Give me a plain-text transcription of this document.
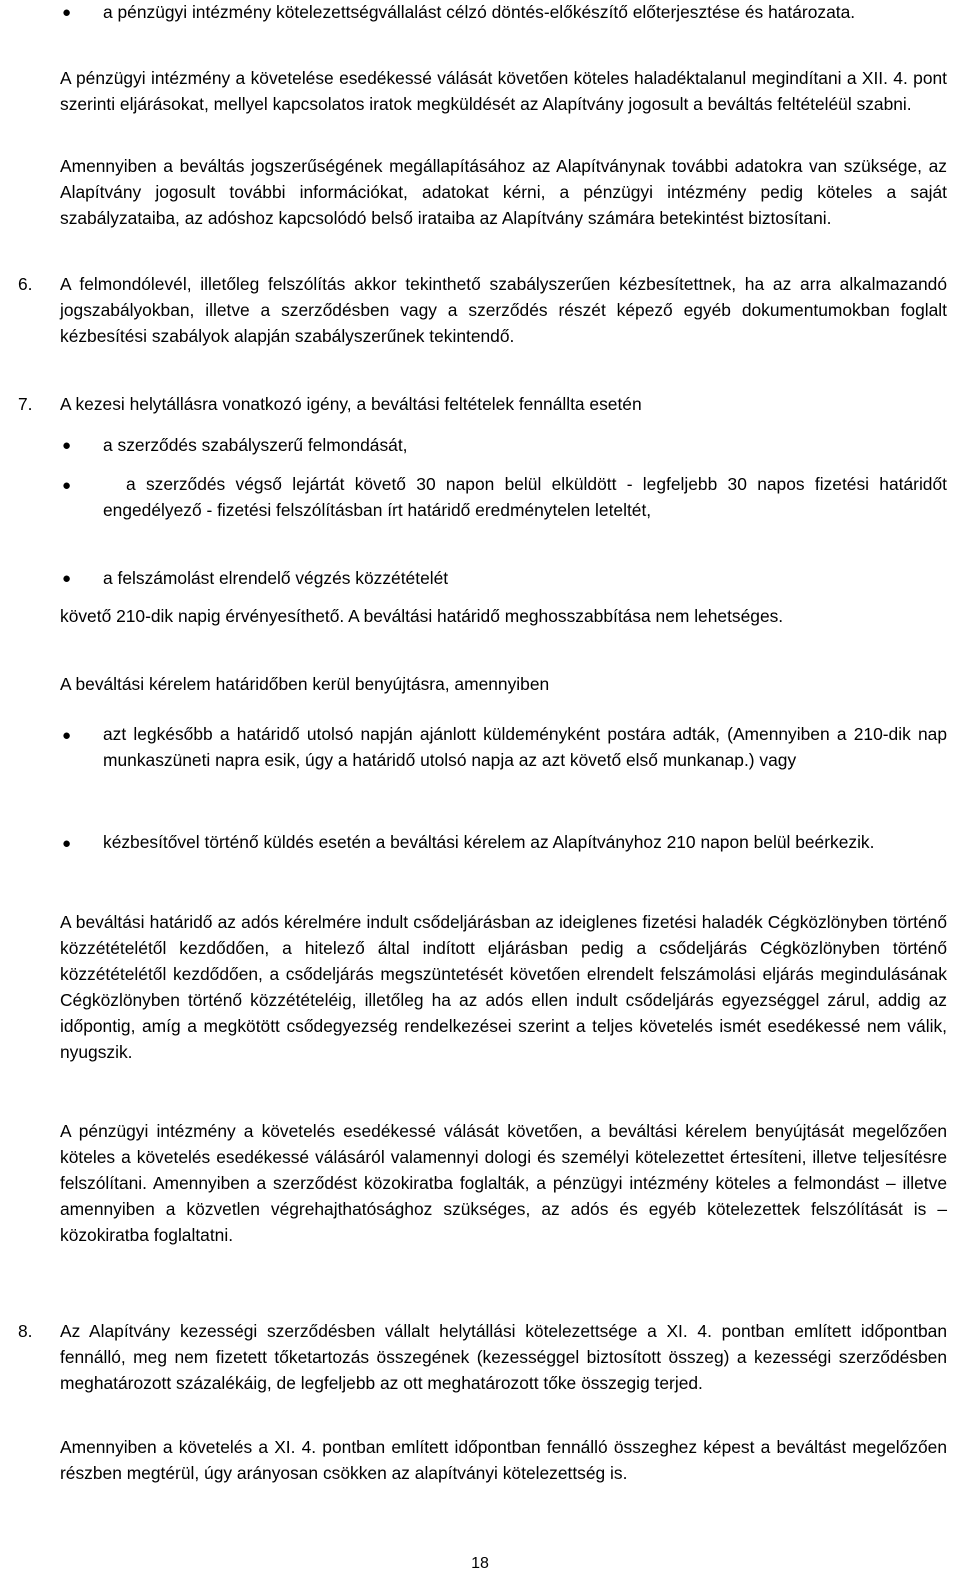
● a pénzügyi intézmény kötelezettségvállalást célzó döntés-előkészítő előterjesztése és határozata.

A pénzügyi intézmény a követelése esedékessé válását követően köteles haladéktalanul megindítani a XII. 4. pont szerinti eljárásokat, mellyel kapcsolatos iratok megküldését az Alapítvány jogosult a beváltás feltételéül szabni.

Amennyiben a beváltás jogszerűségének megállapításához az Alapítványnak további adatokra van szüksége, az Alapítvány jogosult további információkat, adatokat kérni, a pénzügyi intézmény pedig köteles a saját szabályzataiba, az adóshoz kapcsolódó belső irataiba az Alapítvány számára betekintést biztosítani.

6. A felmondólevél, illetőleg felszólítás akkor tekinthető szabályszerűen kézbesítettnek, ha az arra alkalmazandó jogszabályokban, illetve a szerződésben vagy a szerződés részét képező egyéb dokumentumokban foglalt kézbesítési szabályok alapján szabályszerűnek tekintendő.

7. A kezesi helytállásra vonatkozó igény, a beváltási feltételek fennállta esetén

● a szerződés szabályszerű felmondását,

●	a szerződés végső lejártát követő 30 napon belül elküldött - legfeljebb 30 napos fizetési határidőt engedélyező - fizetési felszólításban írt határidő eredménytelen leteltét,

● a felszámolást elrendelő végzés közzétételét

követő 210-dik napig érvényesíthető. A beváltási határidő meghosszabbítása nem lehetséges.

A beváltási kérelem határidőben kerül benyújtásra, amennyiben

● azt legkésőbb a határidő utolsó napján ajánlott küldeményként postára adták, (Amennyiben a 210-dik nap munkaszüneti napra esik, úgy a határidő utolsó napja az azt követő első munkanap.) vagy

● kézbesítővel történő küldés esetén a beváltási kérelem az Alapítványhoz 210 napon belül beérkezik.

A beváltási határidő az adós kérelmére indult csődeljárásban az ideiglenes fizetési haladék Cégközlönyben történő közzétételétől kezdődően, a hitelező által indított eljárásban pedig a csődeljárás Cégközlönyben történő közzétételétől kezdődően, a csődeljárás megszüntetését követően elrendelt felszámolási eljárás megindulásának Cégközlönyben történő közzétételéig, illetőleg ha az adós ellen indult csődeljárás egyezséggel zárul, addig az időpontig, amíg a megkötött csődegyezség rendelkezései szerint a teljes követelés ismét esedékessé nem válik, nyugszik.

A pénzügyi intézmény a követelés esedékessé válását követően, a beváltási kérelem benyújtását megelőzően köteles a követelés esedékessé válásáról valamennyi dologi és személyi kötelezettet értesíteni, illetve teljesítésre felszólítani. Amennyiben a szerződést közokiratba foglalták, a pénzügyi intézmény köteles a felmondást – illetve amennyiben a közvetlen végrehajthatósághoz szükséges, az adós és egyéb kötelezettek felszólítását is – közokiratba foglaltatni.

8. Az Alapítvány kezességi szerződésben vállalt helytállási kötelezettsége a XI. 4. pontban említett időpontban fennálló, meg nem fizetett tőketartozás összegének (kezességgel biztosított összeg) a kezességi szerződésben meghatározott százalékáig, de legfeljebb az ott meghatározott tőke összegig terjed.

Amennyiben a követelés a XI. 4. pontban említett időpontban fennálló összeghez képest a beváltást megelőzően részben megtérül, úgy arányosan csökken az alapítványi kötelezettség is.

18
